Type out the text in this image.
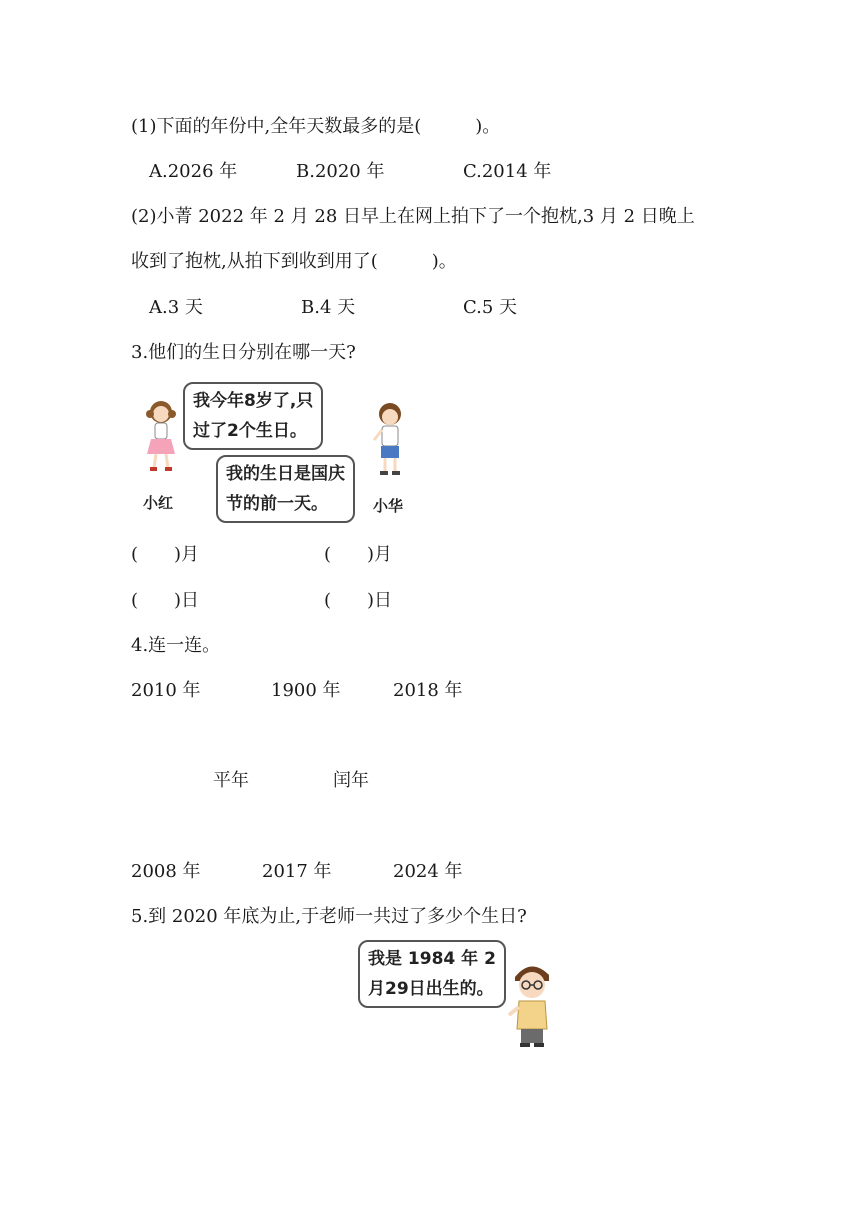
(1)下面的年份中,全年天数最多的是(　　　)。
A.2026 年	B.2020 年	C.2014 年
(2)小菁 2022 年 2 月 28 日早上在网上拍下了一个抱枕,3 月 2 日晚上
收到了抱枕,从拍下到收到用了(　　　)。
A.3 天	B.4 天	C.5 天
3.他们的生日分别在哪一天?
小红
我今年8岁了,只
过了2个生日。
我的生日是国庆
节的前一天。	小华
(　　)月	(　　)月
(　　)日	(　　)日
4.连一连。
2010 年	1900 年	2018 年
平年	闰年
2008 年	2017 年	2024 年
5.到 2020 年底为止,于老师一共过了多少个生日?
我是 1984 年 2
月29日出生的。
